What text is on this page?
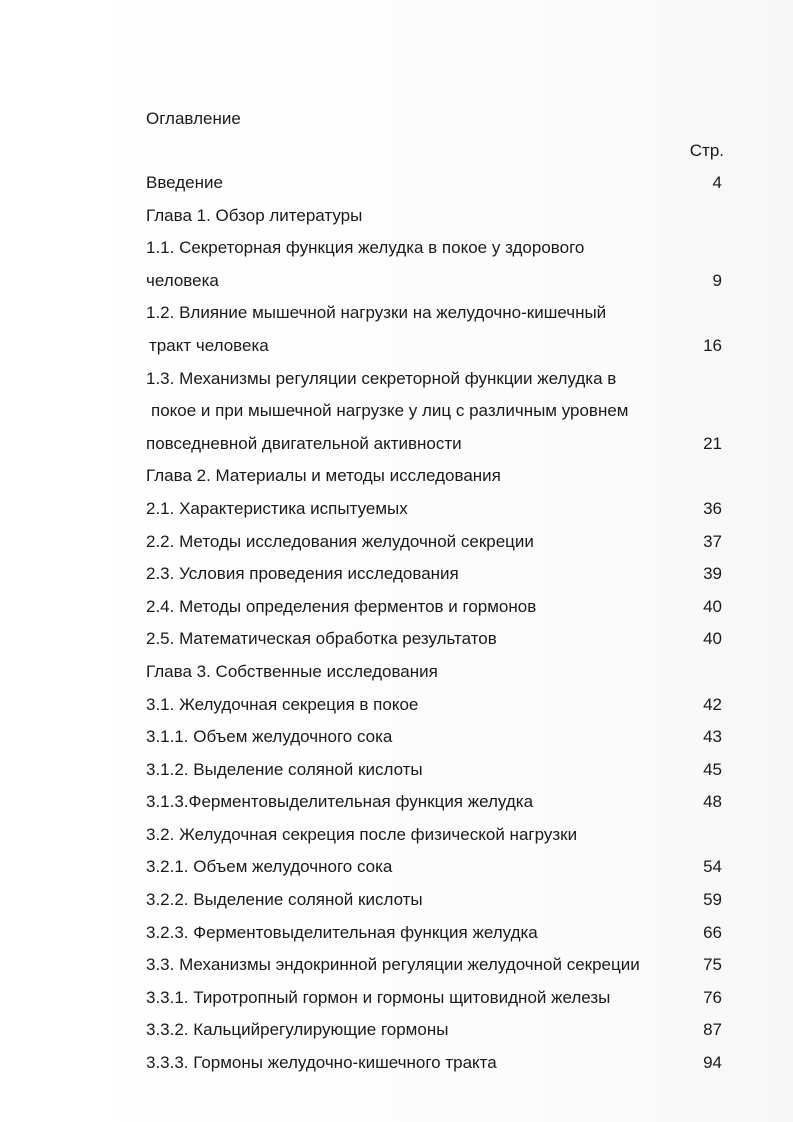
Оглавление
Стр.
Введение	4
Глава 1. Обзор литературы
1.1. Секреторная функция желудка в покое у здорового
человека	9
1.2. Влияние мышечной нагрузки на желудочно-кишечный
тракт человека	16
1.3. Механизмы регуляции секреторной функции желудка в
покое и при мышечной нагрузке у лиц с различным уровнем
повседневной двигательной активности	21
Глава 2. Материалы и методы исследования
2.1. Характеристика испытуемых	36
2.2. Методы исследования желудочной секреции	37
2.3. Условия проведения исследования	39
2.4. Методы определения ферментов и гормонов	40
2.5. Математическая обработка результатов	40
Глава 3. Собственные исследования
3.1. Желудочная секреция в покое	42
3.1.1. Объем желудочного сока	43
3.1.2. Выделение соляной кислоты	45
3.1.3.Ферментовыделительная функция желудка	48
3.2. Желудочная секреция после физической нагрузки
3.2.1. Объем желудочного сока	54
3.2.2. Выделение соляной кислоты	59
3.2.3. Ферментовыделительная функция желудка	66
3.3. Механизмы эндокринной регуляции желудочной секреции	75
3.3.1. Тиротропный гормон и гормоны щитовидной железы	76
3.3.2. Кальцийрегулирующие гормоны	87
3.3.3. Гормоны желудочно-кишечного тракта	94
